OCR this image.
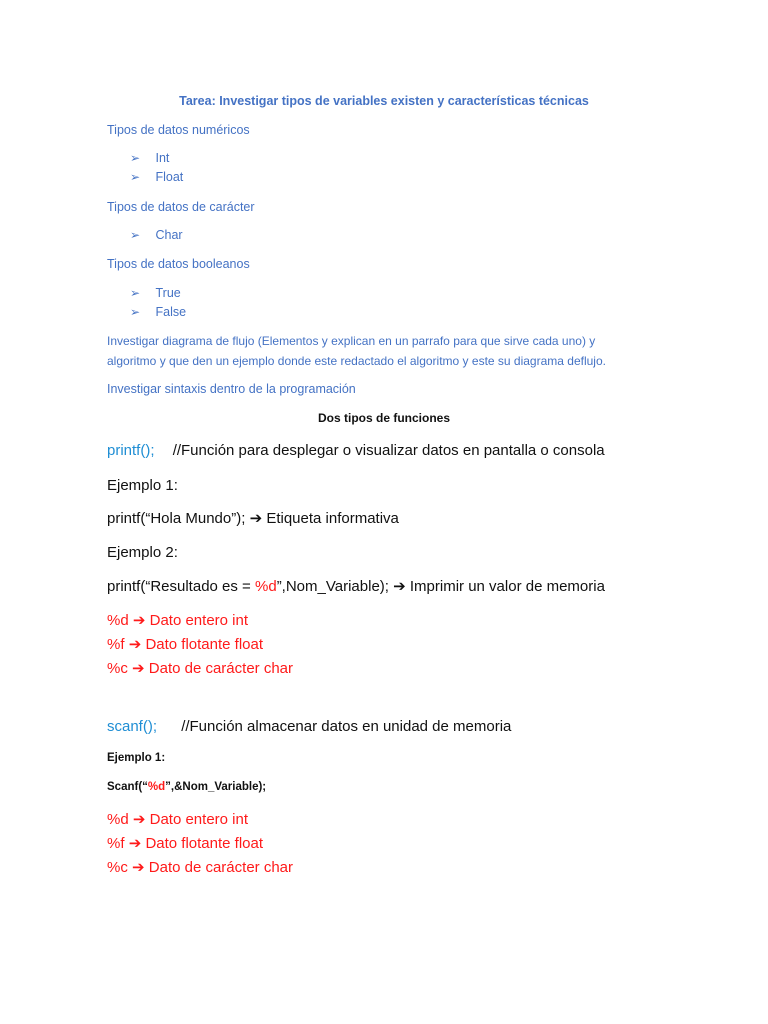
Tarea: Investigar tipos de variables existen y características técnicas
Tipos de datos numéricos
➢ Int
➢ Float
Tipos de datos de carácter
➢ Char
Tipos de datos booleanos
➢ True
➢ False
Investigar diagrama de flujo (Elementos y explican en un parrafo para que sirve cada uno) y
algoritmo y que den un ejemplo donde este redactado el algoritmo y este su diagrama deflujo.
Investigar sintaxis dentro de la programación
Dos tipos de funciones
printf(); //Función para desplegar o visualizar datos en pantalla o consola
Ejemplo 1:
printf(“Hola Mundo”); ➔ Etiqueta informativa
Ejemplo 2:
printf(“Resultado es = %d”,Nom_Variable); ➔ Imprimir un valor de memoria
%d ➔ Dato entero int
%f ➔ Dato flotante float
%c ➔ Dato de carácter char
scanf(); //Función almacenar datos en unidad de memoria
Ejemplo 1:
Scanf(“%d”,&Nom_Variable);
%d ➔ Dato entero int
%f ➔ Dato flotante float
%c ➔ Dato de carácter char
